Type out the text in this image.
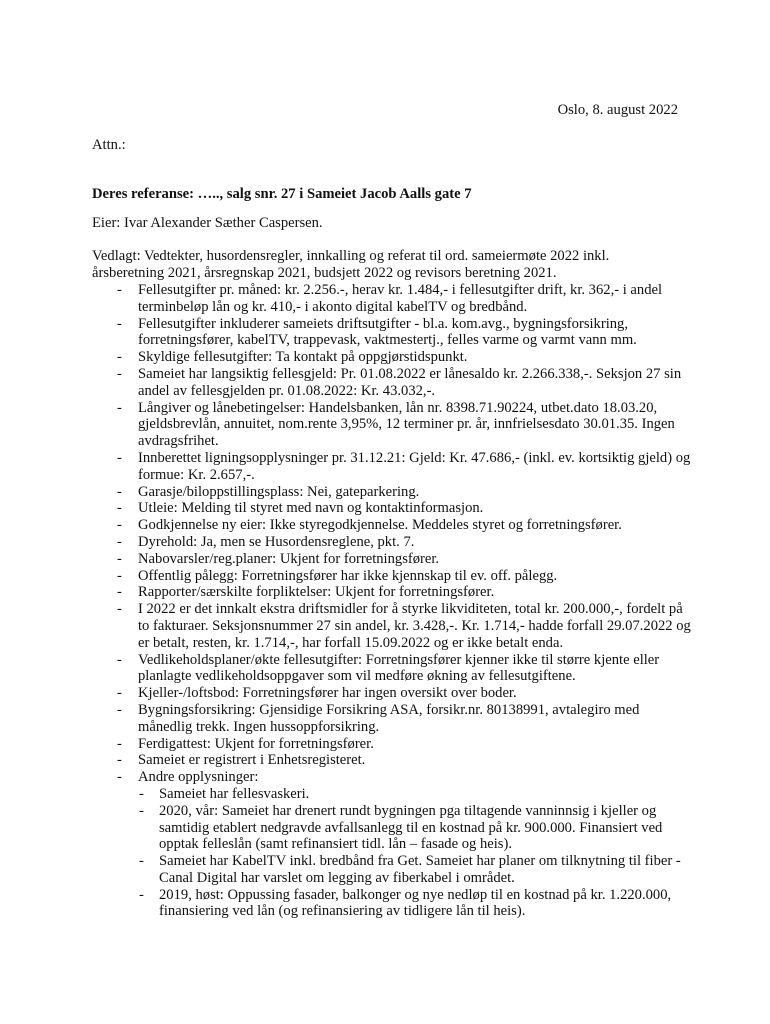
Oslo, 8. august 2022
Attn.:
Deres referanse: ….., salg snr. 27 i Sameiet Jacob Aalls gate 7
Eier: Ivar Alexander Sæther Caspersen.
Vedlagt: Vedtekter, husordensregler, innkalling og referat til ord. sameiermøte 2022 inkl. årsberetning 2021, årsregnskap 2021, budsjett 2022 og revisors beretning 2021.
- Fellesutgifter pr. måned: kr. 2.256.-, herav kr. 1.484,- i fellesutgifter drift, kr. 362,- i andel terminbeløp lån og kr. 410,- i akonto digital kabelTV og bredbånd.
- Fellesutgifter inkluderer sameiets driftsutgifter - bl.a. kom.avg., bygningsforsikring, forretningsfører, kabelTV, trappevask, vaktmestertj., felles varme og varmt vann mm.
- Skyldige fellesutgifter: Ta kontakt på oppgjørstidspunkt.
- Sameiet har langsiktig fellesgjeld: Pr. 01.08.2022 er lånesaldo kr. 2.266.338,-. Seksjon 27 sin andel av fellesgjelden pr. 01.08.2022: Kr. 43.032,-.
- Långiver og lånebetingelser: Handelsbanken, lån nr. 8398.71.90224, utbet.dato 18.03.20, gjeldsbrevlån, annuitet, nom.rente 3,95%, 12 terminer pr. år, innfrielsesdato 30.01.35. Ingen avdragsfrihet.
- Innberettet ligningsopplysninger pr. 31.12.21: Gjeld: Kr. 47.686,- (inkl. ev. kortsiktig gjeld) og formue: Kr. 2.657,-.
- Garasje/biloppstillingsplass: Nei, gateparkering.
- Utleie: Melding til styret med navn og kontaktinformasjon.
- Godkjennelse ny eier: Ikke styregodkjennelse. Meddeles styret og forretningsfører.
- Dyrehold: Ja, men se Husordensreglene, pkt. 7.
- Nabovarsler/reg.planer: Ukjent for forretningsfører.
- Offentlig pålegg: Forretningsfører har ikke kjennskap til ev. off. pålegg.
- Rapporter/særskilte forpliktelser: Ukjent for forretningsfører.
- I 2022 er det innkalt ekstra driftsmidler for å styrke likviditeten, total kr. 200.000,-, fordelt på to fakturaer. Seksjonsnummer 27 sin andel, kr. 3.428,-. Kr. 1.714,- hadde forfall 29.07.2022 og er betalt, resten, kr. 1.714,-, har forfall 15.09.2022 og er ikke betalt enda.
- Vedlikeholdsplaner/økte fellesutgifter: Forretningsfører kjenner ikke til større kjente eller planlagte vedlikeholdsoppgaver som vil medføre økning av fellesutgiftene.
- Kjeller-/loftsbod: Forretningsfører har ingen oversikt over boder.
- Bygningsforsikring: Gjensidige Forsikring ASA, forsikr.nr. 80138991, avtalegiro med månedlig trekk. Ingen hussoppforsikring.
- Ferdigattest: Ukjent for forretningsfører.
- Sameiet er registrert i Enhetsregisteret.
- Andre opplysninger:
- Sameiet har fellesvaskeri.
- 2020, vår: Sameiet har drenert rundt bygningen pga tiltagende vanninnsig i kjeller og samtidig etablert nedgravde avfallsanlegg til en kostnad på kr. 900.000. Finansiert ved opptak felleslån (samt refinansiert tidl. lån – fasade og heis).
- Sameiet har KabelTV inkl. bredbånd fra Get. Sameiet har planer om tilknytning til fiber - Canal Digital har varslet om legging av fiberkabel i området.
- 2019, høst: Oppussing fasader, balkonger og nye nedløp til en kostnad på kr. 1.220.000, finansiering ved lån (og refinansiering av tidligere lån til heis).
